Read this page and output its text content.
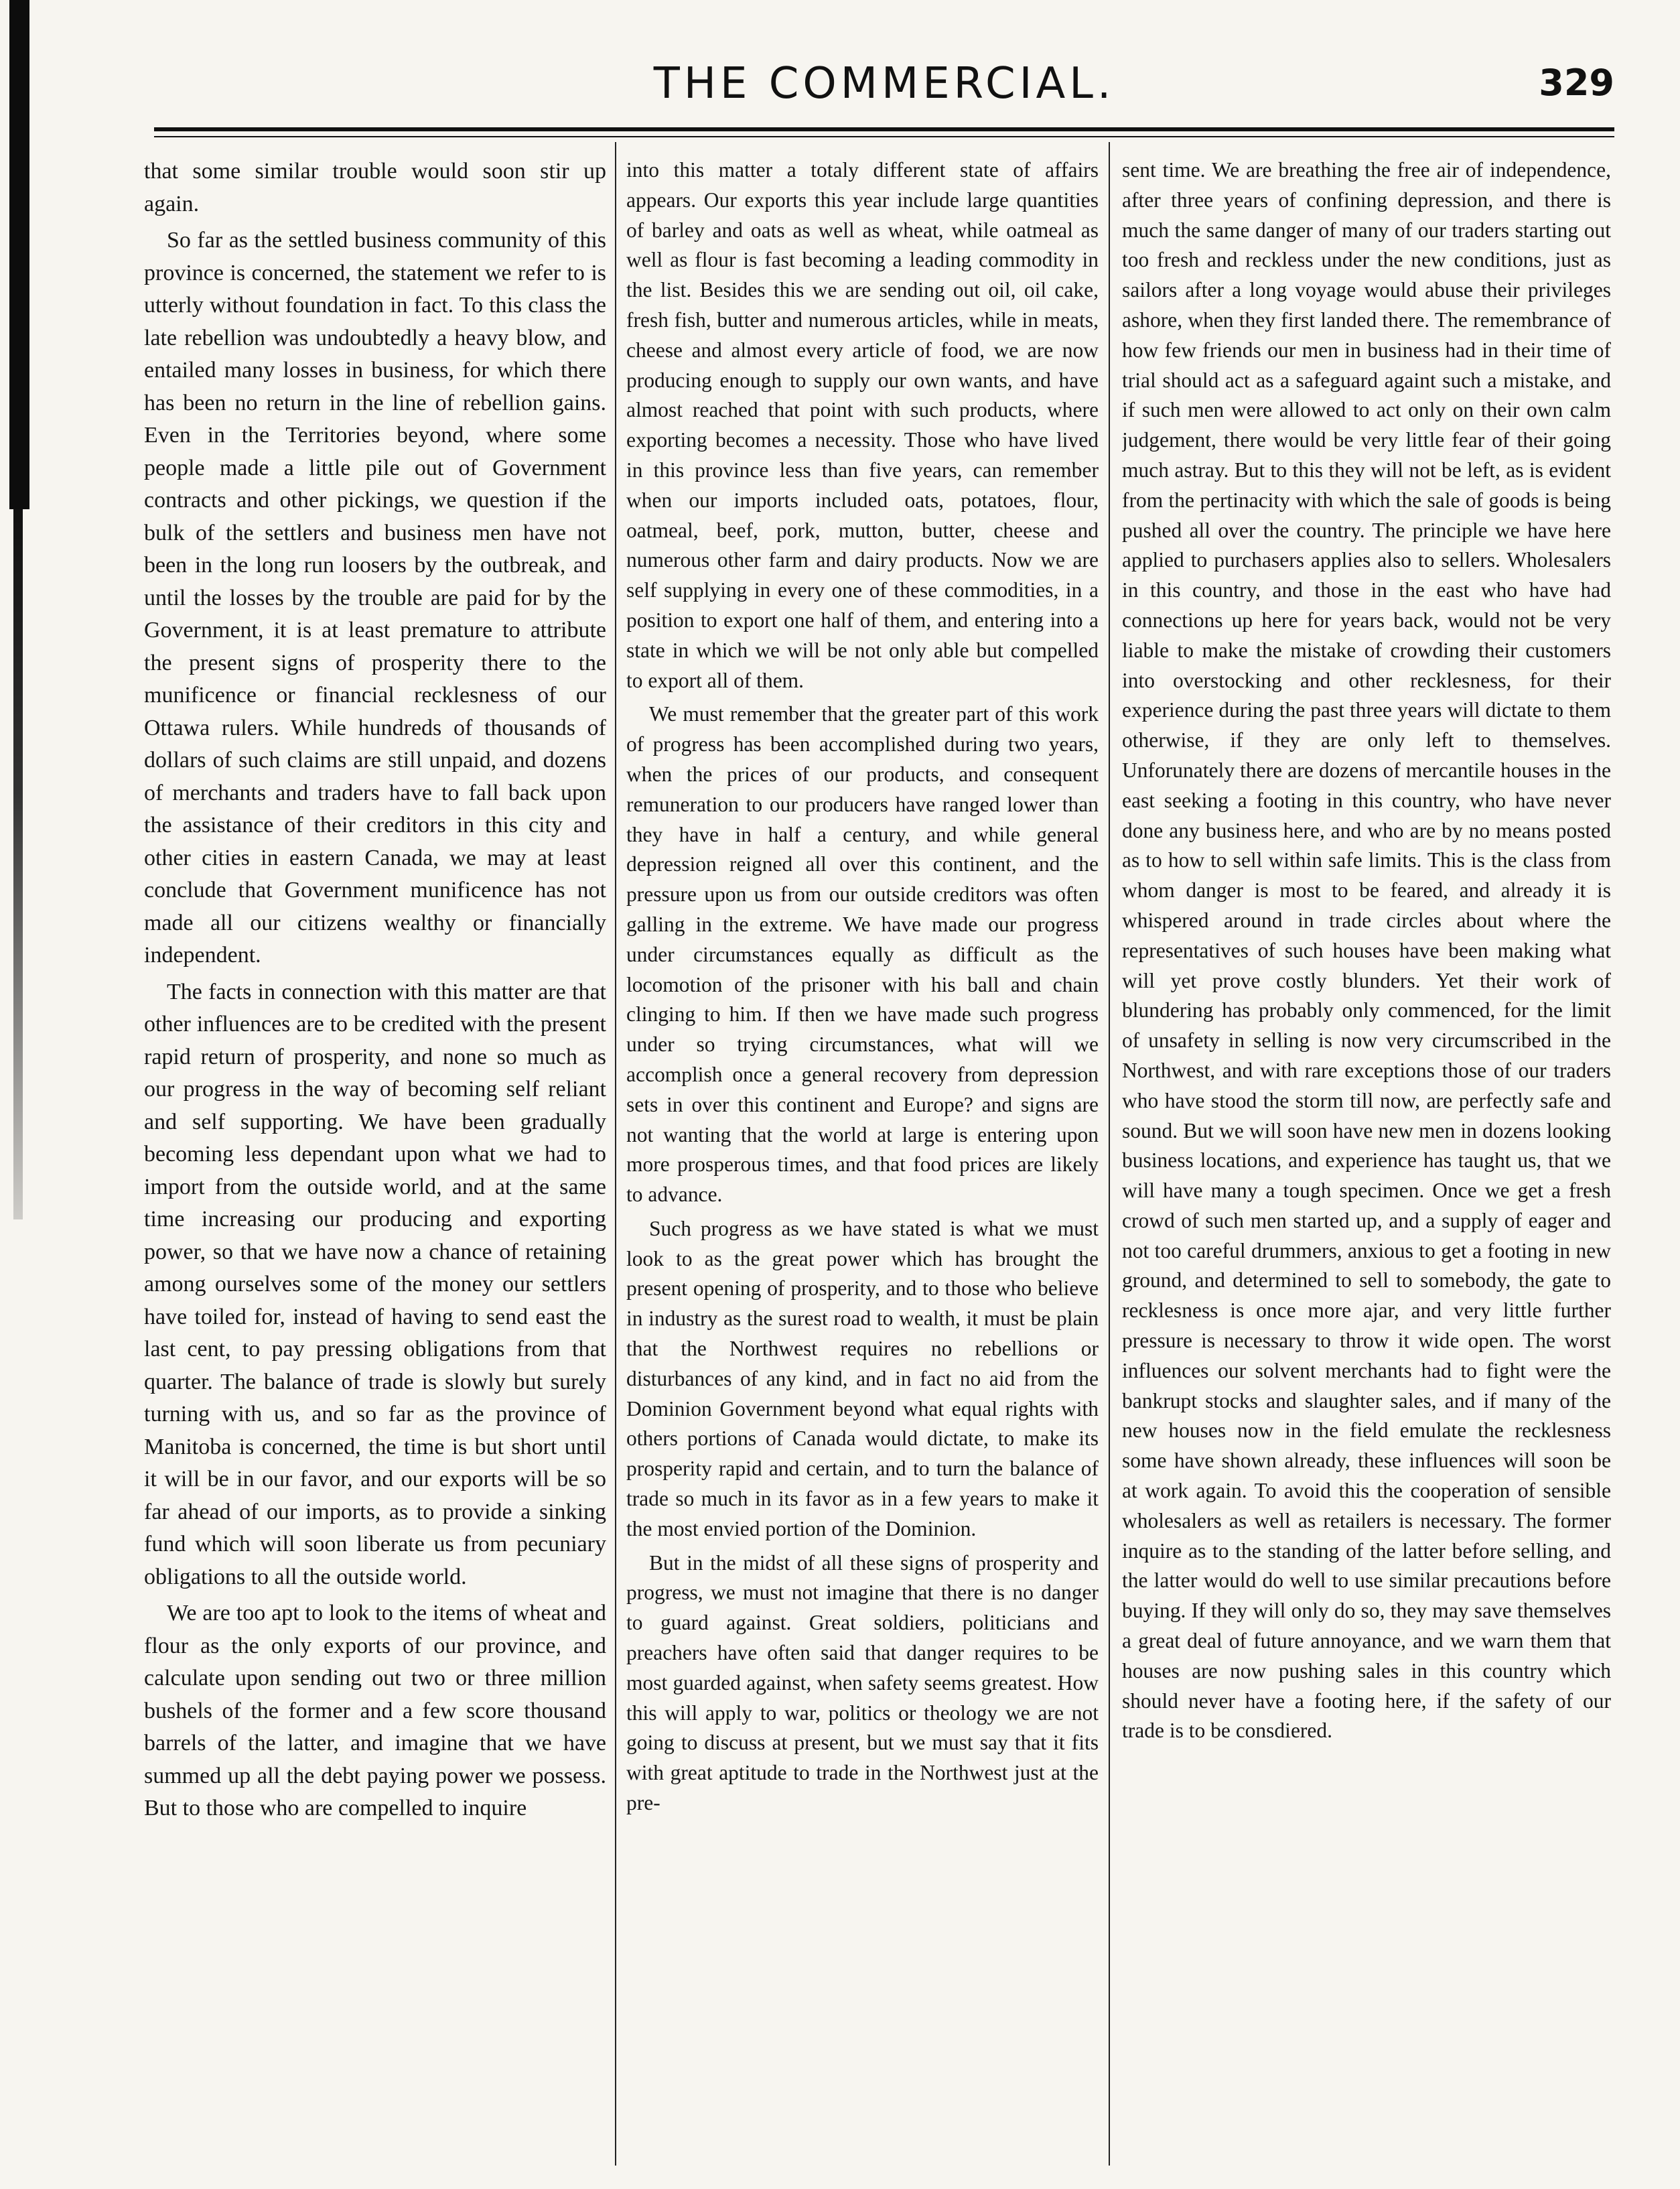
THE COMMERCIAL.	329

that some similar trouble would soon stir up again.

So far as the settled business community of this province is concerned, the statement we refer to is utterly without foundation in fact. To this class the late rebellion was undoubtedly a heavy blow, and entailed many losses in business, for which there has been no return in the line of rebellion gains. Even in the Territories beyond, where some people made a little pile out of Government contracts and other pickings, we question if the bulk of the settlers and business men have not been in the long run loosers by the outbreak, and until the losses by the trouble are paid for by the Government, it is at least premature to attribute the present signs of prosperity there to the munificence or financial recklesness of our Ottawa rulers. While hundreds of thousands of dollars of such claims are still unpaid, and dozens of merchants and traders have to fall back upon the assistance of their creditors in this city and other cities in eastern Canada, we may at least conclude that Government munificence has not made all our citizens wealthy or financially independent.

The facts in connection with this matter are that other influences are to be credited with the present rapid return of prosperity, and none so much as our progress in the way of becoming self reliant and self supporting. We have been gradually becoming less dependant upon what we had to import from the outside world, and at the same time increasing our producing and exporting power, so that we have now a chance of retaining among ourselves some of the money our settlers have toiled for, instead of having to send east the last cent, to pay pressing obligations from that quarter. The balance of trade is slowly but surely turning with us, and so far as the province of Manitoba is concerned, the time is but short until it will be in our favor, and our exports will be so far ahead of our imports, as to provide a sinking fund which will soon liberate us from pecuniary obligations to all the outside world.

We are too apt to look to the items of wheat and flour as the only exports of our province, and calculate upon sending out two or three million bushels of the former and a few score thousand barrels of the latter, and imagine that we have summed up all the debt paying power we possess. But to those who are compelled to inquire

into this matter a totaly different state of affairs appears. Our exports this year include large quantities of barley and oats as well as wheat, while oatmeal as well as flour is fast becoming a leading commodity in the list. Besides this we are sending out oil, oil cake, fresh fish, butter and numerous articles, while in meats, cheese and almost every article of food, we are now producing enough to supply our own wants, and have almost reached that point with such products, where exporting becomes a necessity. Those who have lived in this province less than five years, can remember when our imports included oats, potatoes, flour, oatmeal, beef, pork, mutton, butter, cheese and numerous other farm and dairy products. Now we are self supplying in every one of these commodities, in a position to export one half of them, and entering into a state in which we will be not only able but compelled to export all of them.

We must remember that the greater part of this work of progress has been accomplished during two years, when the prices of our products, and consequent remuneration to our producers have ranged lower than they have in half a century, and while general depression reigned all over this continent, and the pressure upon us from our outside creditors was often galling in the extreme. We have made our progress under circumstances equally as difficult as the locomotion of the prisoner with his ball and chain clinging to him. If then we have made such progress under so trying circumstances, what will we accomplish once a general recovery from depression sets in over this continent and Europe? and signs are not wanting that the world at large is entering upon more prosperous times, and that food prices are likely to advance.

Such progress as we have stated is what we must look to as the great power which has brought the present opening of prosperity, and to those who believe in industry as the surest road to wealth, it must be plain that the Northwest requires no rebellions or disturbances of any kind, and in fact no aid from the Dominion Government beyond what equal rights with others portions of Canada would dictate, to make its prosperity rapid and certain, and to turn the balance of trade so much in its favor as in a few years to make it the most envied portion of the Dominion.

But in the midst of all these signs of prosperity and progress, we must not imagine that there is no danger to guard against. Great soldiers, politicians and preachers have often said that danger requires to be most guarded against, when safety seems greatest. How this will apply to war, politics or theology we are not going to discuss at present, but we must say that it fits with great aptitude to trade in the Northwest just at the pre-

sent time. We are breathing the free air of independence, after three years of confining depression, and there is much the same danger of many of our traders starting out too fresh and reckless under the new conditions, just as sailors after a long voyage would abuse their privileges ashore, when they first landed there. The remembrance of how few friends our men in business had in their time of trial should act as a safeguard againt such a mistake, and if such men were allowed to act only on their own calm judgement, there would be very little fear of their going much astray. But to this they will not be left, as is evident from the pertinacity with which the sale of goods is being pushed all over the country. The principle we have here applied to purchasers applies also to sellers. Wholesalers in this country, and those in the east who have had connections up here for years back, would not be very liable to make the mistake of crowding their customers into overstocking and other recklesness, for their experience during the past three years will dictate to them otherwise, if they are only left to themselves. Unforunately there are dozens of mercantile houses in the east seeking a footing in this country, who have never done any business here, and who are by no means posted as to how to sell within safe limits. This is the class from whom danger is most to be feared, and already it is whispered around in trade circles about where the representatives of such houses have been making what will yet prove costly blunders. Yet their work of blundering has probably only commenced, for the limit of unsafety in selling is now very circumscribed in the Northwest, and with rare exceptions those of our traders who have stood the storm till now, are perfectly safe and sound. But we will soon have new men in dozens looking business locations, and experience has taught us, that we will have many a tough specimen. Once we get a fresh crowd of such men started up, and a supply of eager and not too careful drummers, anxious to get a footing in new ground, and determined to sell to somebody, the gate to recklesness is once more ajar, and very little further pressure is necessary to throw it wide open. The worst influences our solvent merchants had to fight were the bankrupt stocks and slaughter sales, and if many of the new houses now in the field emulate the recklesness some have shown already, these influences will soon be at work again. To avoid this the cooperation of sensible wholesalers as well as retailers is necessary. The former inquire as to the standing of the latter before selling, and the latter would do well to use similar precautions before buying. If they will only do so, they may save themselves a great deal of future annoyance, and we warn them that houses are now pushing sales in this country which should never have a footing here, if the safety of our trade is to be consdiered.
